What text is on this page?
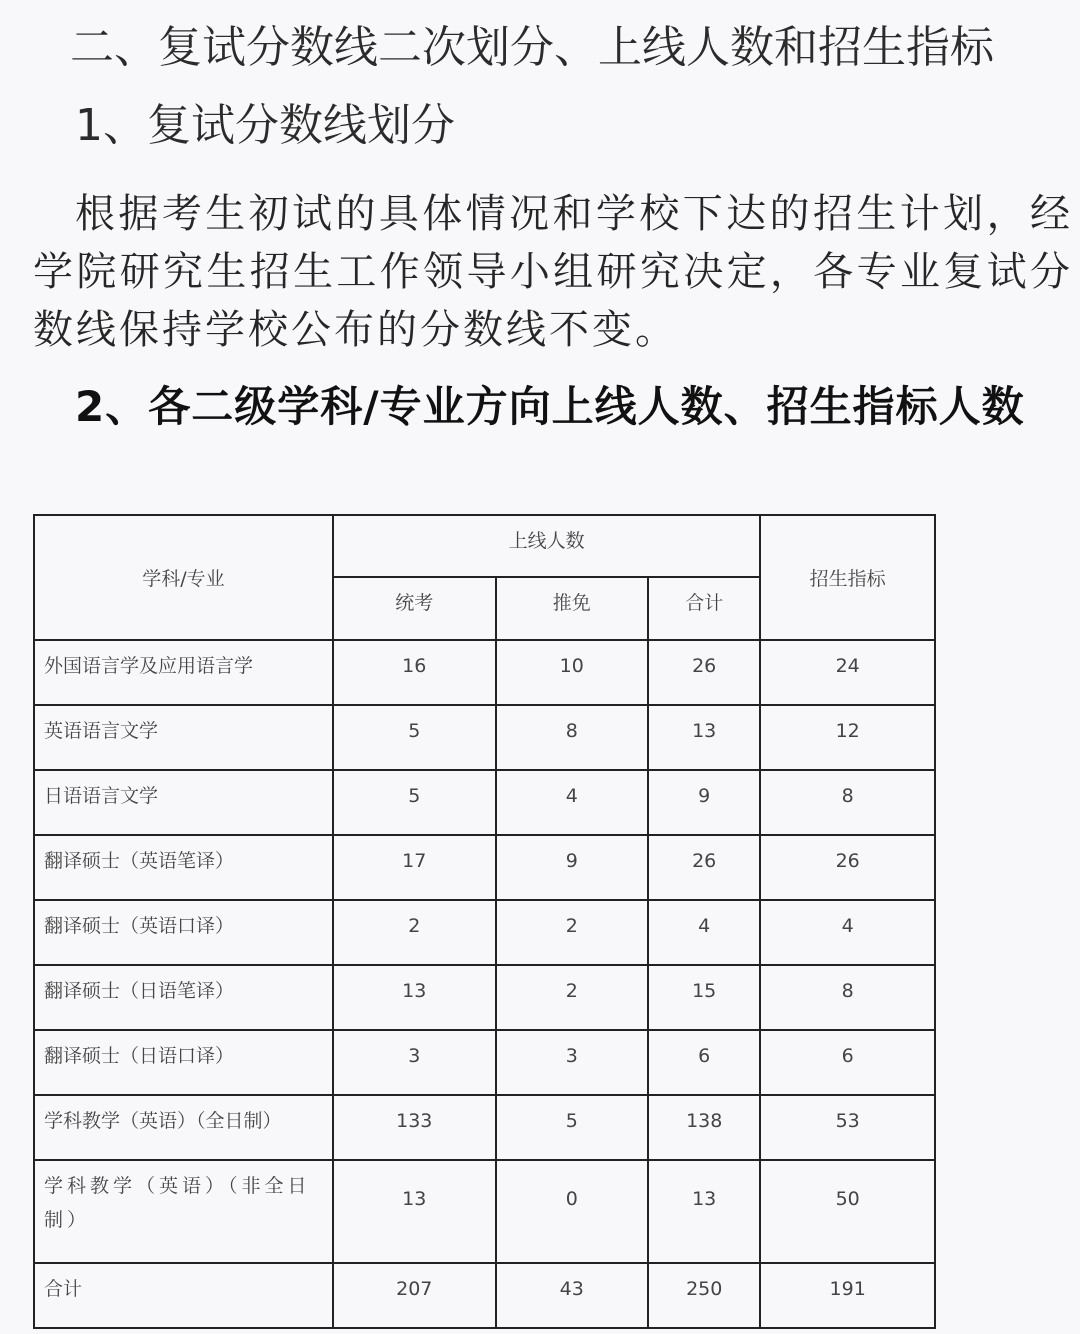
二、复试分数线二次划分、上线人数和招生指标
1、复试分数线划分
根据考生初试的具体情况和学校下达的招生计划，经学院研究生招生工作领导小组研究决定，各专业复试分数线保持学校公布的分数线不变。
2、各二级学科/专业方向上线人数、招生指标人数
学科/专业	上线人数			招生指标
	统考	推免	合计	
外国语言学及应用语言学	16	10	26	24
英语语言文学	5	8	13	12
日语语言文学	5	4	9	8
翻译硕士（英语笔译）	17	9	26	26
翻译硕士（英语口译）	2	2	4	4
翻译硕士（日语笔译）	13	2	15	8
翻译硕士（日语口译）	3	3	6	6
学科教学（英语）（全日制）	133	5	138	53
学科教学（英语）（非全日制）	13	0	13	50
合计	207	43	250	191
